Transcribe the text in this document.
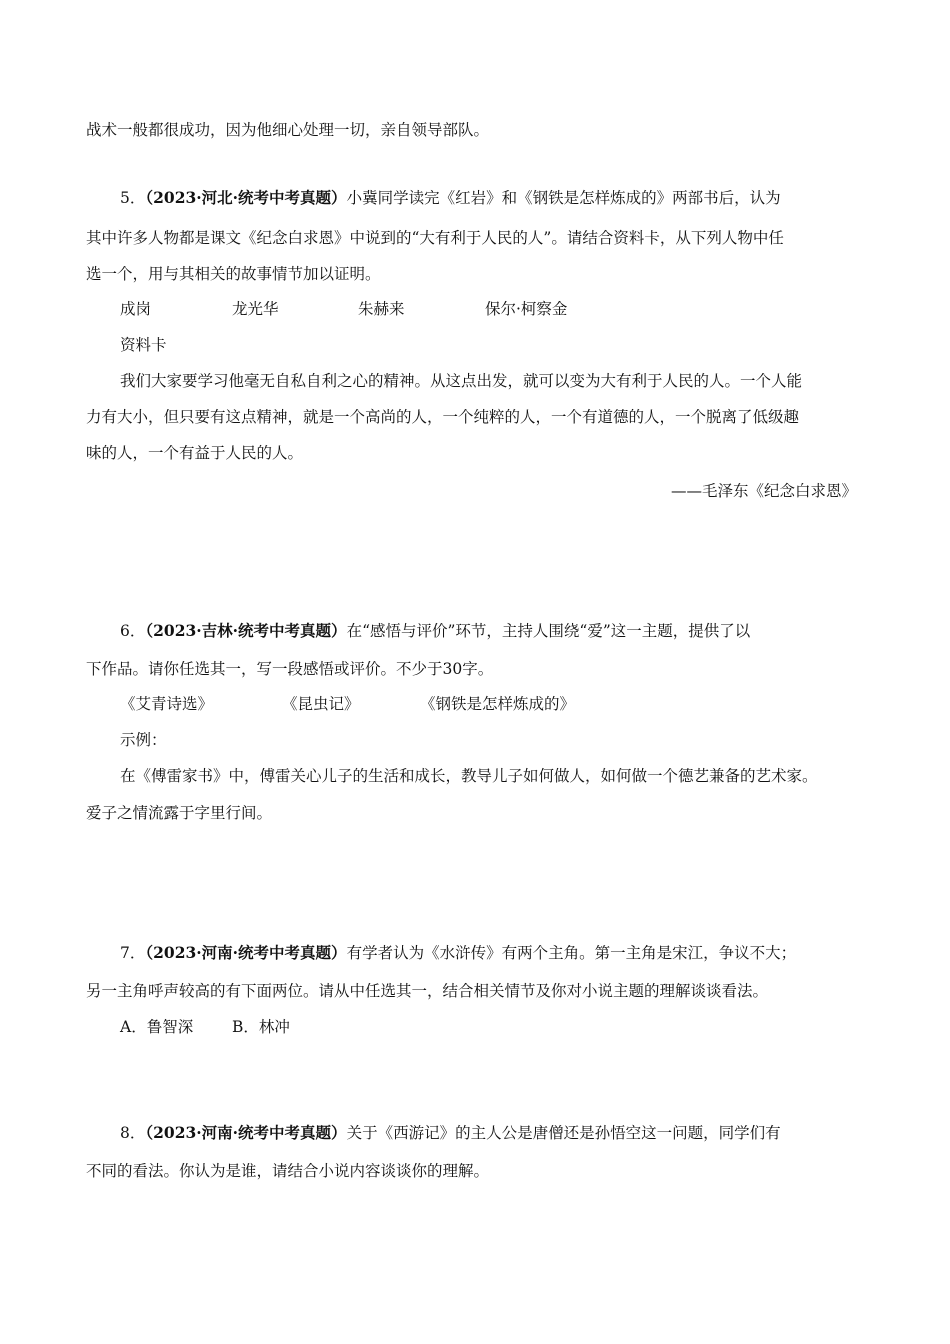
战术一般都很成功，因为他细心处理一切，亲自领导部队。
5．（2023·河北·统考中考真题）小冀同学读完《红岩》和《钢铁是怎样炼成的》两部书后，认为
其中许多人物都是课文《纪念白求恩》中说到的“大有利于人民的人”。请结合资料卡，从下列人物中任
选一个，用与其相关的故事情节加以证明。
成岗	龙光华	朱赫来	保尔·柯察金
资料卡
我们大家要学习他毫无自私自利之心的精神。从这点出发，就可以变为大有利于人民的人。一个人能
力有大小，但只要有这点精神，就是一个高尚的人，一个纯粹的人，一个有道德的人，一个脱离了低级趣
味的人，一个有益于人民的人。
——毛泽东《纪念白求恩》
6．（2023·吉林·统考中考真题）在“感悟与评价”环节，主持人围绕“爱”这一主题，提供了以
下作品。请你任选其一，写一段感悟或评价。不少于30字。
《艾青诗选》	《昆虫记》	《钢铁是怎样炼成的》
示例：
在《傅雷家书》中，傅雷关心儿子的生活和成长，教导儿子如何做人，如何做一个德艺兼备的艺术家。
爱子之情流露于字里行间。
7．（2023·河南·统考中考真题）有学者认为《水浒传》有两个主角。第一主角是宋江，争议不大；
另一主角呼声较高的有下面两位。请从中任选其一，结合相关情节及你对小说主题的理解谈谈看法。
A．鲁智深	B．林冲
8．（2023·河南·统考中考真题）关于《西游记》的主人公是唐僧还是孙悟空这一问题，同学们有
不同的看法。你认为是谁，请结合小说内容谈谈你的理解。
